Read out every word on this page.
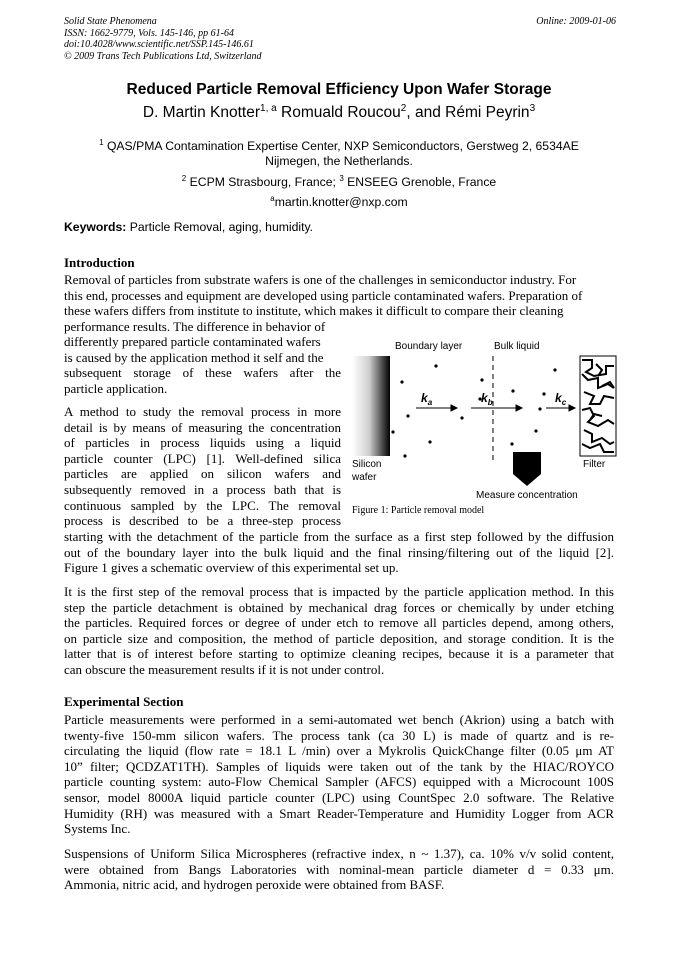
Solid State Phenomena
ISSN: 1662-9779, Vols. 145-146, pp 61-64
doi:10.4028/www.scientific.net/SSP.145-146.61
© 2009 Trans Tech Publications Ltd, Switzerland
Online: 2009-01-06
Reduced Particle Removal Efficiency Upon Wafer Storage
D. Martin Knotter$^{1, a}$ Romuald Roucou$^2$, and Rémi Peyrin$^3$
$^1$ QAS/PMA Contamination Expertise Center, NXP Semiconductors, Gerstweg 2, 6534AE
Nijmegen, the Netherlands.
$^2$ ECPM Strasbourg, France; $^3$ ENSEEG Grenoble, France
$^a$martin.knotter@nxp.com
Keywords: Particle Removal, aging, humidity.
Introduction
Removal of particles from substrate wafers is one of the challenges in semiconductor industry. For
this end, processes and equipment are developed using particle contaminated wafers. Preparation of
these wafers differs from institute to institute, which makes it difficult to compare their cleaning
performance results. The difference in behavior of
differently prepared particle contaminated wafers
is caused by the application method it self and the
subsequent storage of these wafers after the
particle application.
A method to study the removal process in more
detail is by means of measuring the concentration
of particles in process liquids using a liquid
particle counter (LPC) [1]. Well-defined silica
particles are applied on silicon wafers and
subsequently removed in a process bath that is
continuous sampled by the LPC. The removal
process is described to be a three-step process
starting with the detachment of the particle from the surface as a first step followed by the diffusion
out of the boundary layer into the bulk liquid and the final rinsing/filtering out of the liquid [2].
Figure 1 gives a schematic overview of this experimental set up.
It is the first step of the removal process that is impacted by the particle application method. In this
step the particle detachment is obtained by mechanical drag forces or chemically by under etching
the particles. Required forces or degree of under etch to remove all particles depend, among others,
on particle size and composition, the method of particle deposition, and storage condition. It is the
latter that is of interest before starting to optimize cleaning recipes, because it is a parameter that
can obscure the measurement results if it is not under control.
Boundary layer	Bulk liquid
Silicon
wafer
Filter
Measure concentration
$k_a$	$k_b$	$k_c$
Figure 1: Particle removal model
Experimental Section
Particle measurements were performed in a semi-automated wet bench (Akrion) using a batch with
twenty-five 150-mm silicon wafers. The process tank (ca 30 L) is made of quartz and is re-
circulating the liquid (flow rate = 18.1 L /min) over a Mykrolis QuickChange filter (0.05 μm AT
10” filter; QCDZAT1TH). Samples of liquids were taken out of the tank by the HIAC/ROYCO
particle counting system: auto-Flow Chemical Sampler (AFCS) equipped with a Microcount 100S
sensor, model 8000A liquid particle counter (LPC) using CountSpec 2.0 software. The Relative
Humidity (RH) was measured with a Smart Reader-Temperature and Humidity Logger from ACR
Systems Inc.
Suspensions of Uniform Silica Microspheres (refractive index, n ~ 1.37), ca. 10% v/v solid content,
were obtained from Bangs Laboratories with nominal-mean particle diameter d = 0.33 μm.
Ammonia, nitric acid, and hydrogen peroxide were obtained from BASF.
